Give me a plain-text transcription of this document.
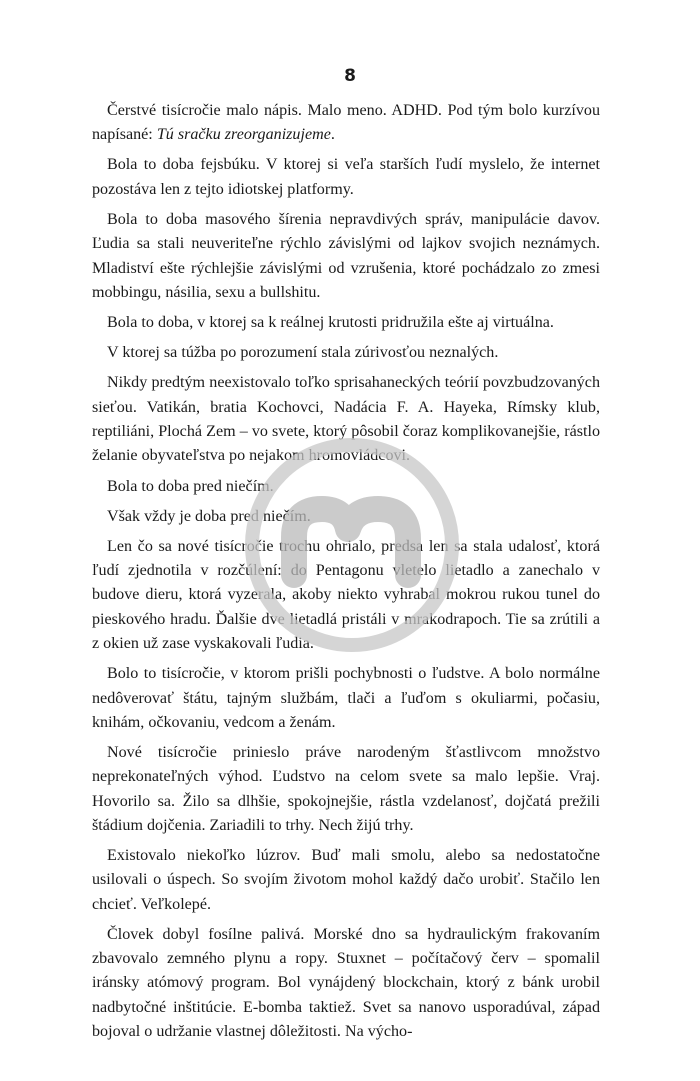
8

Čerstvé tisícročie malo nápis. Malo meno. ADHD. Pod tým bolo kurzívou napísané: Tú sračku zreorganizujeme.

Bola to doba fejsbúku. V ktorej si veľa starších ľudí myslelo, že internet pozostáva len z tejto idiotskej platformy.

Bola to doba masového šírenia nepravdivých správ, manipulácie davov. Ľudia sa stali neuveriteľne rýchlo závislými od lajkov svojich neznámych. Mladiství ešte rýchlejšie závislými od vzrušenia, ktoré pochádzalo zo zmesi mobbingu, násilia, sexu a bullshitu.

Bola to doba, v ktorej sa k reálnej krutosti pridružila ešte aj virtuálna.

V ktorej sa túžba po porozumení stala zúrivosťou neznalých.

Nikdy predtým neexistovalo toľko sprisahaneckých teórií povzbudzovaných sieťou. Vatikán, bratia Kochovci, Nadácia F. A. Hayeka, Rímsky klub, reptiliáni, Plochá Zem – vo svete, ktorý pôsobil čoraz komplikovanejšie, rástlo želanie obyvateľstva po nejakom hromovládcovi.

Bola to doba pred niečím.

Však vždy je doba pred niečím.

Len čo sa nové tisícročie trochu ohrialo, predsa len sa stala udalosť, ktorá ľudí zjednotila v rozčúlení: do Pentagonu vletelo lietadlo a zanechalo v budove dieru, ktorá vyzerala, akoby niekto vyhrabal mokrou rukou tunel do pieskového hradu. Ďalšie dve lietadlá pristáli v mrakodrapoch. Tie sa zrútili a z okien už zase vyskakovali ľudia.

Bolo to tisícročie, v ktorom prišli pochybnosti o ľudstve. A bolo normálne nedôverovať štátu, tajným službám, tlači a ľuďom s okuliarmi, počasiu, knihám, očkovaniu, vedcom a ženám.

Nové tisícročie prinieslo práve narodeným šťastlivcom množstvo neprekonateľných výhod. Ľudstvo na celom svete sa malo lepšie. Vraj. Hovorilo sa. Žilo sa dlhšie, spokojnejšie, rástla vzdelanosť, dojčatá prežili štádium dojčenia. Zariadili to trhy. Nech žijú trhy.

Existovalo niekoľko lúzrov. Buď mali smolu, alebo sa nedostatočne usilovali o úspech. So svojím životom mohol každý dačo urobiť. Stačilo len chcieť. Veľkolepé.

Človek dobyl fosílne palivá. Morské dno sa hydraulickým frakovaním zbavovalo zemného plynu a ropy. Stuxnet – počítačový červ – spomalil iránsky atómový program. Bol vynájdený blockchain, ktorý z bánk urobil nadbytočné inštitúcie. E-bomba taktiež. Svet sa nanovo usporadúval, západ bojoval o udržanie vlastnej dôležitosti. Na výcho-
